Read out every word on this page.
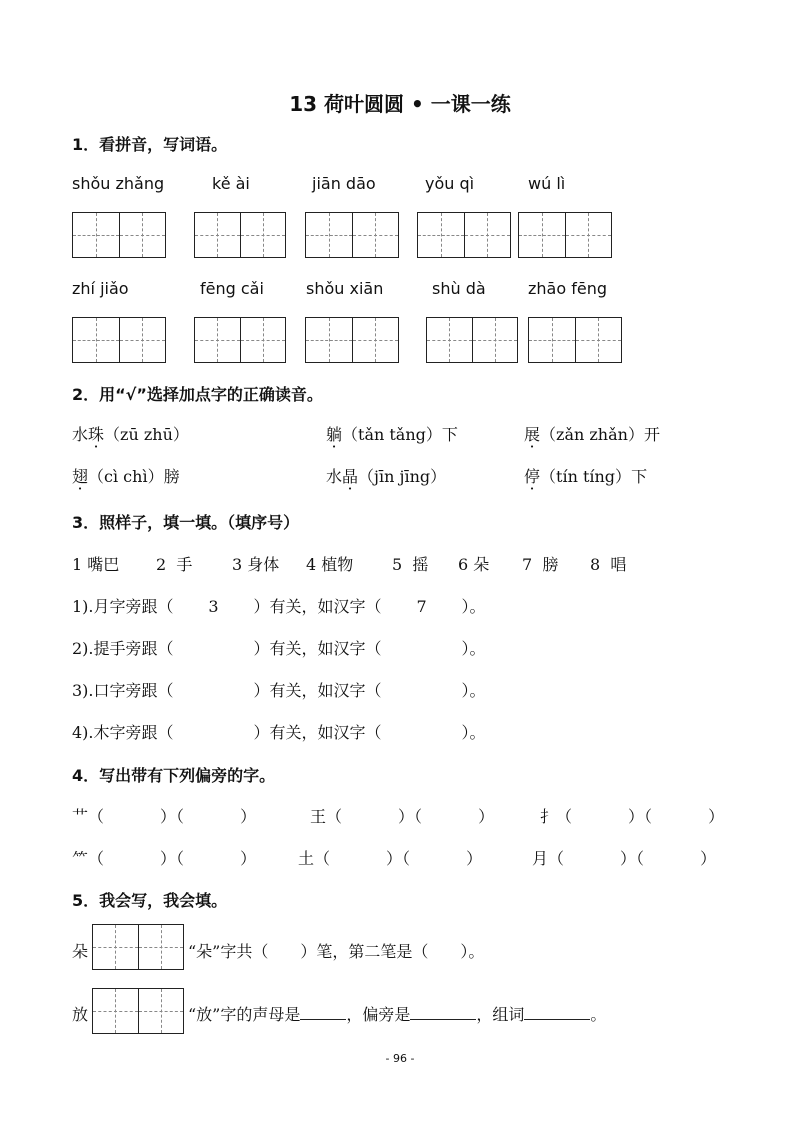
13 荷叶圆圆 • 一课一练
1．看拼音，写词语。
shǒu zhǎng	kě ài	jiān dāo	yǒu qì	wú lì
zhí jiǎo	fēng cǎi	shǒu xiān	shù dà	zhāo fēng
2．用“√”选择加点字的正确读音。
水珠（zū zhū）	躺（tǎn tǎng）下	展（zǎn zhǎn）开
翅（cì chì）膀	水晶（jīn jīng）	停（tín tíng）下
3．照样子，填一填。（填序号）
1 嘴巴 2 手 3 身体 4 植物 5 摇 6 朵 7 膀 8 唱
1).月字旁跟（ 3 ）有关，如汉字（ 7 ）。
2).提手旁跟（	）有关，如汉字（	）。
3).口字旁跟（	）有关，如汉字（	）。
4).木字旁跟（	）有关，如汉字（	）。
4．写出带有下列偏旁的字。
艹（	）（	）	王（	）（	）	扌（	）（	）
⺮（	）（	）	土（	）（	）	月（	）（	）
5．我会写，我会填。
朵	“朵”字共（　　）笔，第二笔是（　　）。
放	“放”字的声母是	，偏旁是	，组词	。
- 96 -
